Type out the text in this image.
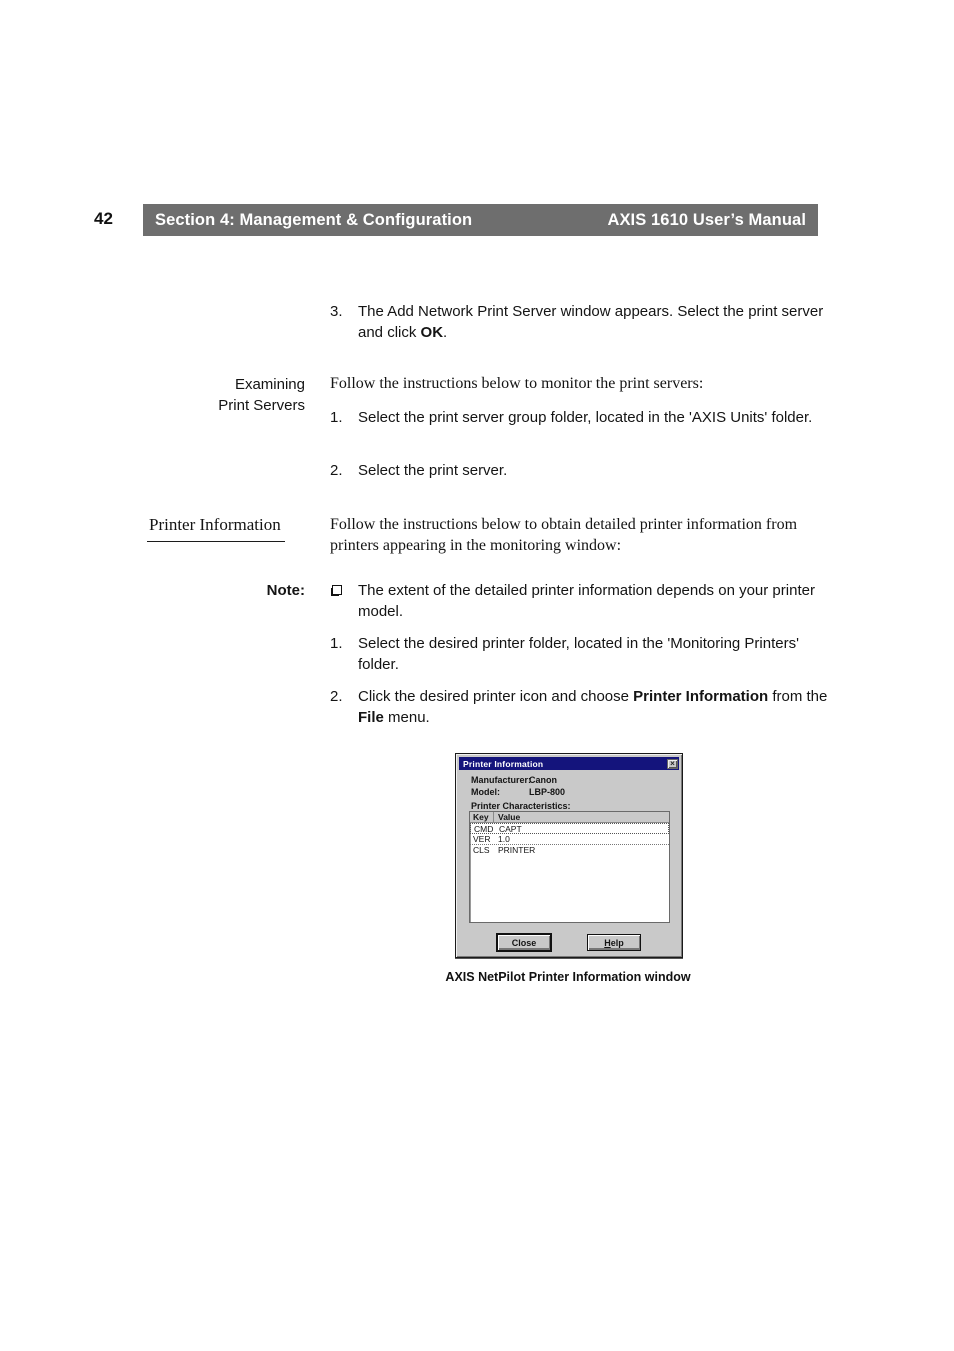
42	Section 4: Management & Configuration	AXIS 1610 User’s Manual
3.	The Add Network Print Server window appears. Select the print server and click OK.
Examining
Print Servers
Follow the instructions below to monitor the print servers:
1.	Select the print server group folder, located in the 'AXIS Units' folder.
2.	Select the print server.
Printer Information	Follow the instructions below to obtain detailed printer information from printers appearing in the monitoring window:
Note:	The extent of the detailed printer information depends on your printer model.
1.	Select the desired printer folder, located in the 'Monitoring Printers' folder.
2.	Click the desired printer icon and choose Printer Information from the File menu.
Printer Information	×
Manufacturer:
Canon
Model:	LBP-800
Printer Characteristics:
Key	Value
CMD CAPT
VER 1.0
CLS PRINTER
Close	H elp
AXIS NetPilot Printer Information window
